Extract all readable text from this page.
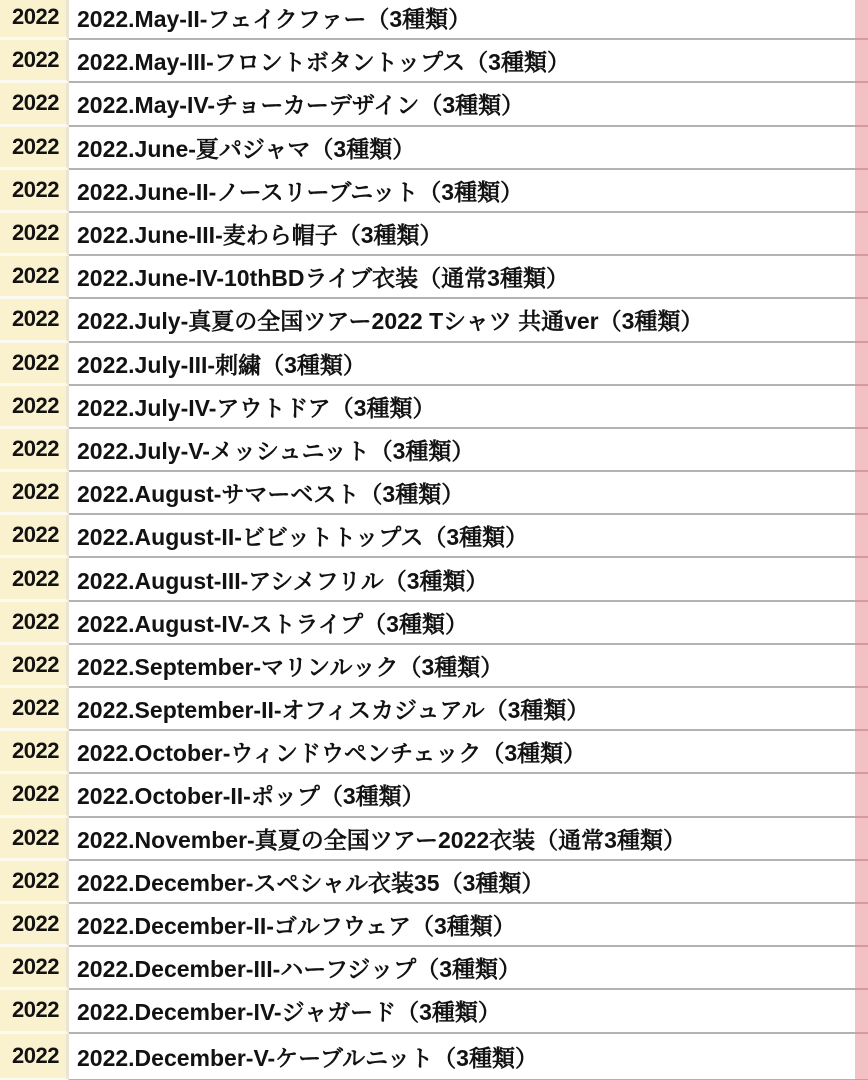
2022 2022.May-II-フェイクファー（3種類）
2022 2022.May-III-フロントボタントップス（3種類）
2022 2022.May-IV-チョーカーデザイン（3種類）
2022 2022.June-夏パジャマ（3種類）
2022 2022.June-II-ノースリーブニット（3種類）
2022 2022.June-III-麦わら帽子（3種類）
2022 2022.June-IV-10thBDライブ衣装（通常3種類）
2022 2022.July-真夏の全国ツアー2022 Tシャツ 共通ver（3種類）
2022 2022.July-III-刺繍（3種類）
2022 2022.July-IV-アウトドア（3種類）
2022 2022.July-V-メッシュニット（3種類）
2022 2022.August-サマーベスト（3種類）
2022 2022.August-II-ビビットトップス（3種類）
2022 2022.August-III-アシメフリル（3種類）
2022 2022.August-IV-ストライプ（3種類）
2022 2022.September-マリンルック（3種類）
2022 2022.September-II-オフィスカジュアル（3種類）
2022 2022.October-ウィンドウペンチェック（3種類）
2022 2022.October-II-ポップ（3種類）
2022 2022.November-真夏の全国ツアー2022衣装（通常3種類）
2022 2022.December-スペシャル衣装35（3種類）
2022 2022.December-II-ゴルフウェア（3種類）
2022 2022.December-III-ハーフジップ（3種類）
2022 2022.December-IV-ジャガード（3種類）
2022 2022.December-V-ケーブルニット（3種類）
